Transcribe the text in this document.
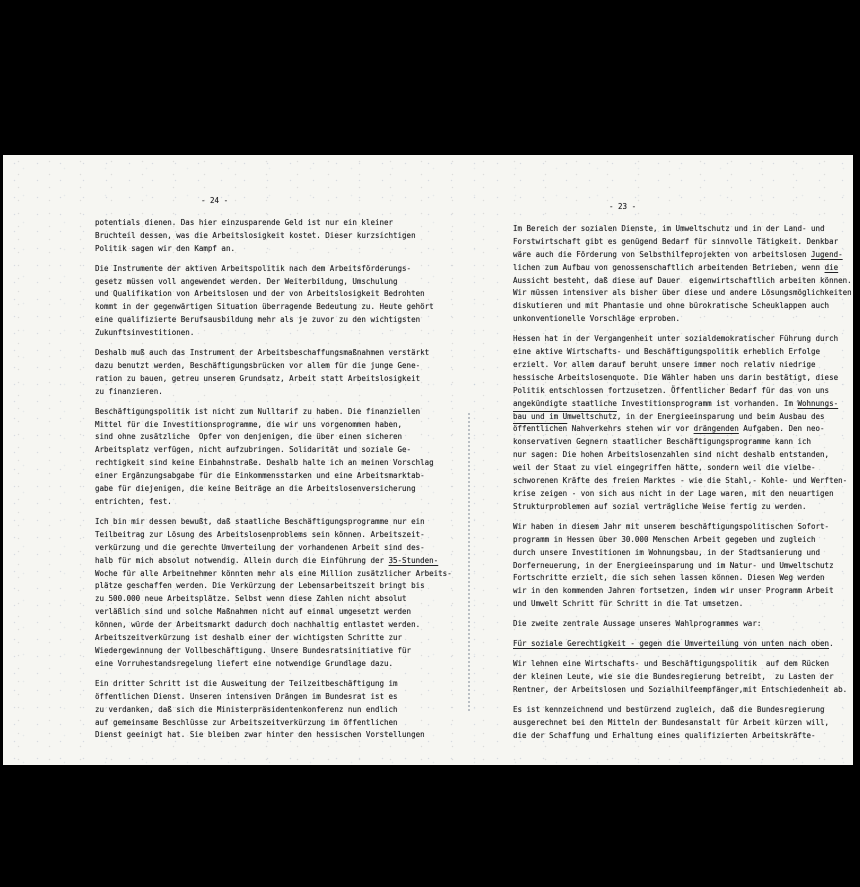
- 24 -
potentials dienen. Das hier einzusparende Geld ist nur ein kleiner
Bruchteil dessen, was die Arbeitslosigkeit kostet. Dieser kurzsichtigen
Politik sagen wir den Kampf an.
Die Instrumente der aktiven Arbeitspolitik nach dem Arbeitsförderungs-
gesetz müssen voll angewendet werden. Der Weiterbildung, Umschulung
und Qualifikation von Arbeitslosen und der von Arbeitslosigkeit Bedrohten
kommt in der gegenwärtigen Situation überragende Bedeutung zu. Heute gehört
eine qualifizierte Berufsausbildung mehr als je zuvor zu den wichtigsten
Zukunftsinvestitionen.
Deshalb muß auch das Instrument der Arbeitsbeschaffungsmaßnahmen verstärkt
dazu benutzt werden, Beschäftigungsbrücken vor allem für die junge Gene-
ration zu bauen, getreu unserem Grundsatz, Arbeit statt Arbeitslosigkeit
zu finanzieren.
Beschäftigungspolitik ist nicht zum Nulltarif zu haben. Die finanziellen
Mittel für die Investitionsprogramme, die wir uns vorgenommen haben,
sind ohne zusätzliche  Opfer von denjenigen, die über einen sicheren
Arbeitsplatz verfügen, nicht aufzubringen. Solidarität und soziale Ge-
rechtigkeit sind keine Einbahnstraße. Deshalb halte ich an meinen Vorschlag
einer Ergänzungsabgabe für die Einkommensstarken und eine Arbeitsmarktab-
gabe für diejenigen, die keine Beiträge an die Arbeitslosenversicherung
entrichten, fest.
Ich bin mir dessen bewußt, daß staatliche Beschäftigungsprogramme nur ein
Teilbeitrag zur Lösung des Arbeitslosenproblems sein können. Arbeitszeit-
verkürzung und die gerechte Umverteilung der vorhandenen Arbeit sind des-
halb für mich absolut notwendig. Allein durch die Einführung der 35-Stunden-
Woche für alle Arbeitnehmer könnten mehr als eine Million zusätzlicher Arbeits-
plätze geschaffen werden. Die Verkürzung der Lebensarbeitszeit bringt bis
zu 500.000 neue Arbeitsplätze. Selbst wenn diese Zahlen nicht absolut
verläßlich sind und solche Maßnahmen nicht auf einmal umgesetzt werden
können, würde der Arbeitsmarkt dadurch doch nachhaltig entlastet werden.
Arbeitszeitverkürzung ist deshalb einer der wichtigsten Schritte zur
Wiedergewinnung der Vollbeschäftigung. Unsere Bundesratsinitiative für
eine Vorruhestandsregelung liefert eine notwendige Grundlage dazu.
Ein dritter Schritt ist die Ausweitung der Teilzeitbeschäftigung im
öffentlichen Dienst. Unseren intensiven Drängen im Bundesrat ist es
zu verdanken, daß sich die Ministerpräsidentenkonferenz nun endlich
auf gemeinsame Beschlüsse zur Arbeitszeitverkürzung im öffentlichen
Dienst geeinigt hat. Sie bleiben zwar hinter den hessischen Vorstellungen
- 23 -
Im Bereich der sozialen Dienste, im Umweltschutz und in der Land- und
Forstwirtschaft gibt es genügend Bedarf für sinnvolle Tätigkeit. Denkbar
wäre auch die Förderung von Selbsthilfeprojekten von arbeitslosen Jugend-
lichen zum Aufbau von genossenschaftlich arbeitenden Betrieben, wenn die
Aussicht besteht, daß diese auf Dauer  eigenwirtschaftlich arbeiten können.
Wir müssen intensiver als bisher über diese und andere Lösungsmöglichkeiten
diskutieren und mit Phantasie und ohne bürokratische Scheuklappen auch
unkonventionelle Vorschläge erproben.
Hessen hat in der Vergangenheit unter sozialdemokratischer Führung durch
eine aktive Wirtschafts- und Beschäftigungspolitik erheblich Erfolge
erzielt. Vor allem darauf beruht unsere immer noch relativ niedrige
hessische Arbeitslosenquote. Die Wähler haben uns darin bestätigt, diese
Politik entschlossen fortzusetzen. Öffentlicher Bedarf für das von uns
angekündigte staatliche Investitionsprogramm ist vorhanden. Im Wohnungs-
bau und im Umweltschutz, in der Energieeinsparung und beim Ausbau des
öffentlichen Nahverkehrs stehen wir vor drängenden Aufgaben. Den neo-
konservativen Gegnern staatlicher Beschäftigungsprogramme kann ich
nur sagen: Die hohen Arbeitslosenzahlen sind nicht deshalb entstanden,
weil der Staat zu viel eingegriffen hätte, sondern weil die vielbe-
schworenen Kräfte des freien Marktes - wie die Stahl,- Kohle- und Werften-
krise zeigen - von sich aus nicht in der Lage waren, mit den neuartigen
Strukturproblemen auf sozial verträgliche Weise fertig zu werden.
Wir haben in diesem Jahr mit unserem beschäftigungspolitischen Sofort-
programm in Hessen über 30.000 Menschen Arbeit gegeben und zugleich
durch unsere Investitionen im Wohnungsbau, in der Stadtsanierung und
Dorferneuerung, in der Energieeinsparung und im Natur- und Umweltschutz
Fortschritte erzielt, die sich sehen lassen können. Diesen Weg werden
wir in den kommenden Jahren fortsetzen, indem wir unser Programm Arbeit
und Umwelt Schritt für Schritt in die Tat umsetzen.
Die zweite zentrale Aussage unseres Wahlprogrammes war:
Für soziale Gerechtigkeit - gegen die Umverteilung von unten nach oben.
Wir lehnen eine Wirtschafts- und Beschäftigungspolitik  auf dem Rücken
der kleinen Leute, wie sie die Bundesregierung betreibt,  zu Lasten der
Rentner, der Arbeitslosen und Sozialhilfeempfänger,mit Entschiedenheit ab.
Es ist kennzeichnend und bestürzend zugleich, daß die Bundesregierung
ausgerechnet bei den Mitteln der Bundesanstalt für Arbeit kürzen will,
die der Schaffung und Erhaltung eines qualifizierten Arbeitskräfte-
